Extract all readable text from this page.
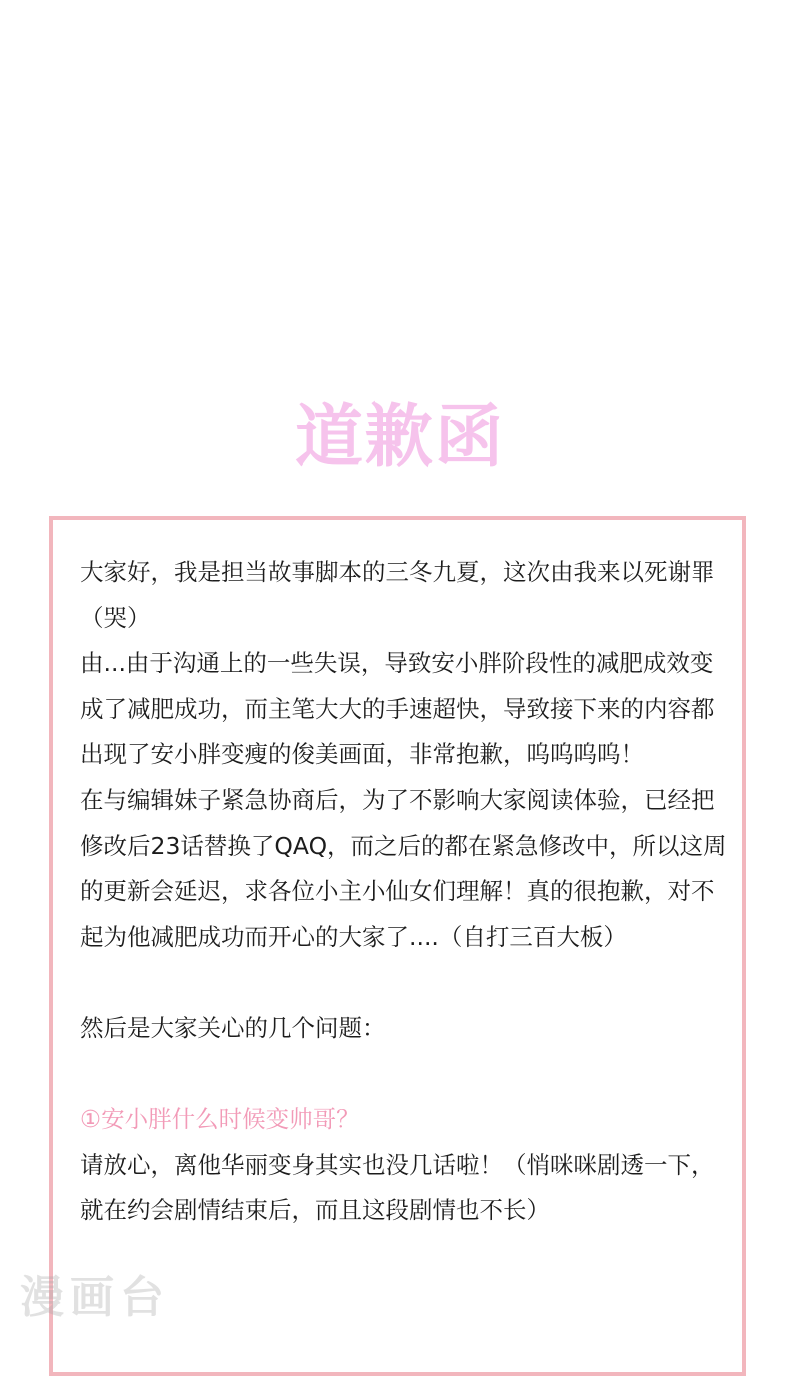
道歉函

大家好，我是担当故事脚本的三冬九夏，这次由我来以死谢罪（哭）

由...由于沟通上的一些失误，导致安小胖阶段性的减肥成效变成了减肥成功，而主笔大大的手速超快，导致接下来的内容都出现了安小胖变瘦的俊美画面，非常抱歉，呜呜呜呜！

在与编辑妹子紧急协商后，为了不影响大家阅读体验，已经把修改后23话替换了QAQ，而之后的都在紧急修改中，所以这周的更新会延迟，求各位小主小仙女们理解！真的很抱歉，对不起为他减肥成功而开心的大家了....（自打三百大板）

然后是大家关心的几个问题：

①安小胖什么时候变帅哥？

请放心，离他华丽变身其实也没几话啦！（悄咪咪剧透一下，就在约会剧情结束后，而且这段剧情也不长）

漫画台
